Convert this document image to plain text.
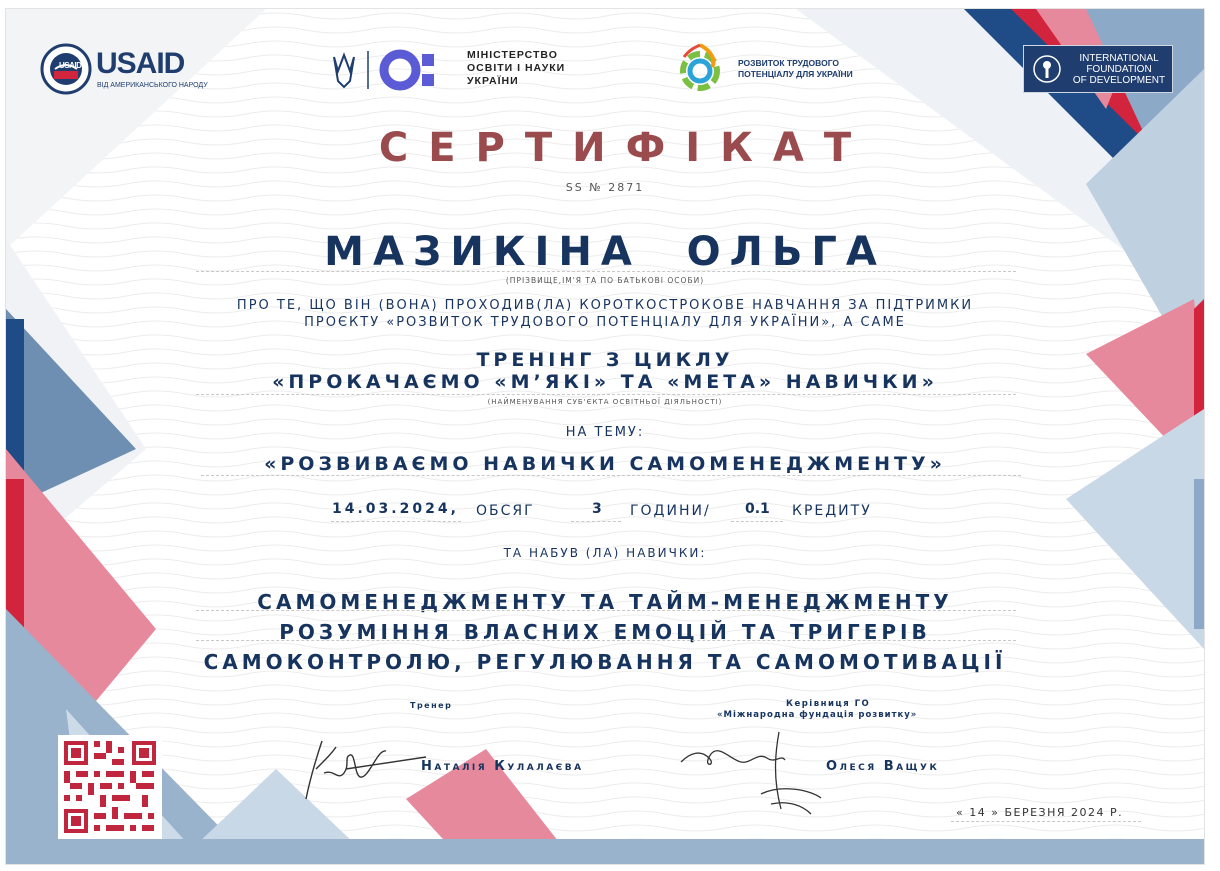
USAID USAID
ВІД АМЕРИКАНСЬКОГО НАРОДУ
МІНІСТЕРСТВО
ОСВІТИ І НАУКИ
УКРАЇНИ
РОЗВИТОК ТРУДОВОГО
ПОТЕНЦІАЛУ ДЛЯ УКРАЇНИ
INTERNATIONAL
FOUNDATION
OF DEVELOPMENT
СЕРТИФІКАТ
SS № 2871
МАЗИКІНА  ОЛЬГА
(ПРІЗВИЩЕ,ІМ'Я ТА ПО БАТЬКОВІ ОСОБИ)
ПРО ТЕ, ЩО ВІН (ВОНА) ПРОХОДИВ(ЛА) КОРОТКОСТРОКОВЕ НАВЧАННЯ ЗА ПІДТРИМКИ
ПРОЄКТУ «РОЗВИТОК ТРУДОВОГО ПОТЕНЦІАЛУ ДЛЯ УКРАЇНИ», А САМЕ
ТРЕНІНГ З ЦИКЛУ
«ПРОКАЧАЄМО «М’ЯКІ» ТА «МЕТА» НАВИЧКИ»
(НАЙМЕНУВАННЯ СУБ'ЄКТА ОСВІТНЬОЇ ДІЯЛЬНОСТІ)
НА ТЕМУ:
«РОЗВИВАЄМО НАВИЧКИ САМОМЕНЕДЖМЕНТУ»
14.03.2024, ОБСЯГ	3 ГОДИНИ/ 0.1 КРЕДИТУ
ТА НАБУВ (ЛА) НАВИЧКИ:
САМОМЕНЕДЖМЕНТУ ТА ТАЙМ-МЕНЕДЖМЕНТУ
РОЗУМІННЯ ВЛАСНИХ ЕМОЦІЙ ТА ТРИГЕРІВ
САМОКОНТРОЛЮ, РЕГУЛЮВАННЯ ТА САМОМОТИВАЦІЇ
Тренер
Наталія Кулалаєва
Керівниця ГО
«Міжнародна фундація розвитку»
Олеся Ващук
« 14 » БЕРЕЗНЯ 2024 Р.
